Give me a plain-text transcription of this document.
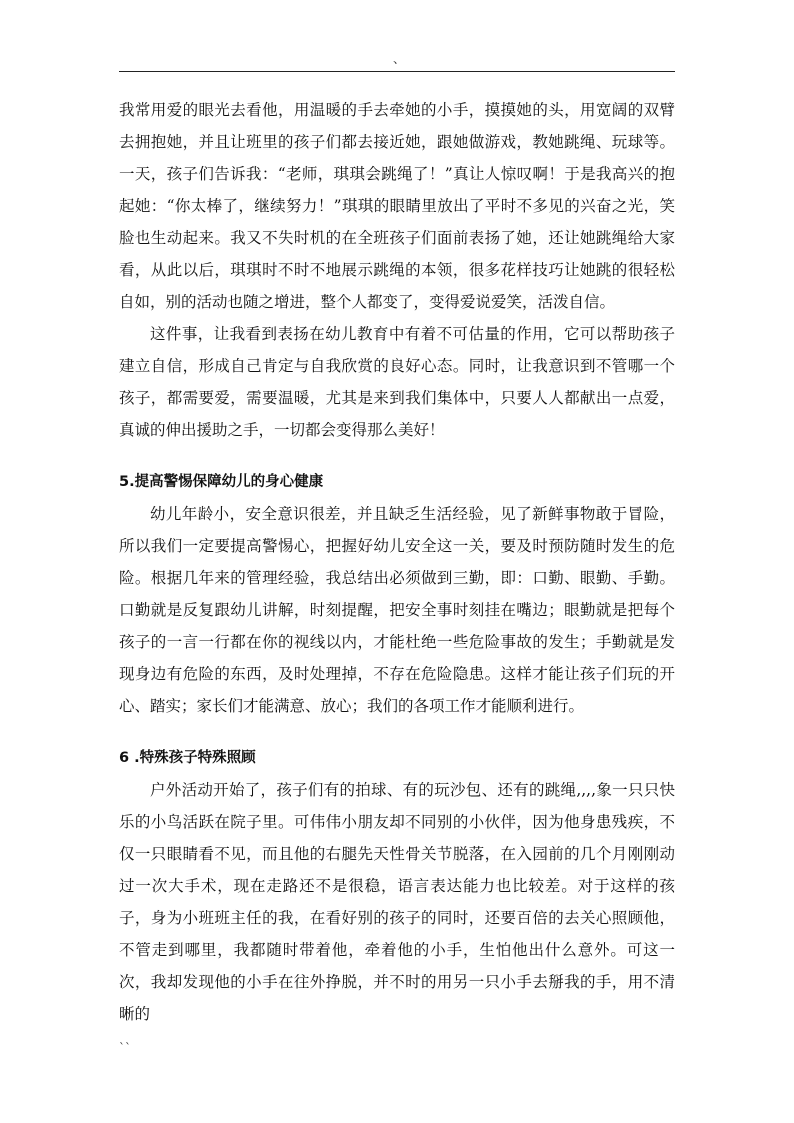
、

我常用爱的眼光去看他，用温暖的手去牵她的小手，摸摸她的头，用宽阔的双臂去拥抱她，并且让班里的孩子们都去接近她，跟她做游戏，教她跳绳、玩球等。一天，孩子们告诉我：“老师，琪琪会跳绳了！”真让人惊叹啊！于是我高兴的抱起她：“你太棒了，继续努力！”琪琪的眼睛里放出了平时不多见的兴奋之光，笑脸也生动起来。我又不失时机的在全班孩子们面前表扬了她，还让她跳绳给大家看，从此以后，琪琪时不时不地展示跳绳的本领，很多花样技巧让她跳的很轻松自如，别的活动也随之增进，整个人都变了，变得爱说爱笑，活泼自信。

这件事，让我看到表扬在幼儿教育中有着不可估量的作用，它可以帮助孩子建立自信，形成自己肯定与自我欣赏的良好心态。同时，让我意识到不管哪一个孩子，都需要爱，需要温暖，尤其是来到我们集体中，只要人人都献出一点爱，真诚的伸出援助之手，一切都会变得那么美好！

5.提高警惕保障幼儿的身心健康

幼儿年龄小，安全意识很差，并且缺乏生活经验，见了新鲜事物敢于冒险，所以我们一定要提高警惕心，把握好幼儿安全这一关，要及时预防随时发生的危险。根据几年来的管理经验，我总结出必须做到三勤，即：口勤、眼勤、手勤。口勤就是反复跟幼儿讲解，时刻提醒，把安全事时刻挂在嘴边；眼勤就是把每个孩子的一言一行都在你的视线以内，才能杜绝一些危险事故的发生；手勤就是发现身边有危险的东西，及时处理掉，不存在危险隐患。这样才能让孩子们玩的开心、踏实；家长们才能满意、放心；我们的各项工作才能顺利进行。

6 .特殊孩子特殊照顾

户外活动开始了，孩子们有的拍球、有的玩沙包、还有的跳绳,,,,象一只只快乐的小鸟活跃在院子里。可伟伟小朋友却不同别的小伙伴，因为他身患残疾，不仅一只眼睛看不见，而且他的右腿先天性骨关节脱落，在入园前的几个月刚刚动过一次大手术，现在走路还不是很稳，语言表达能力也比较差。对于这样的孩子，身为小班班主任的我，在看好别的孩子的同时，还要百倍的去关心照顾他，不管走到哪里，我都随时带着他，牵着他的小手，生怕他出什么意外。可这一次，我却发现他的小手在往外挣脱，并不时的用另一只小手去掰我的手，用不清晰的

``
